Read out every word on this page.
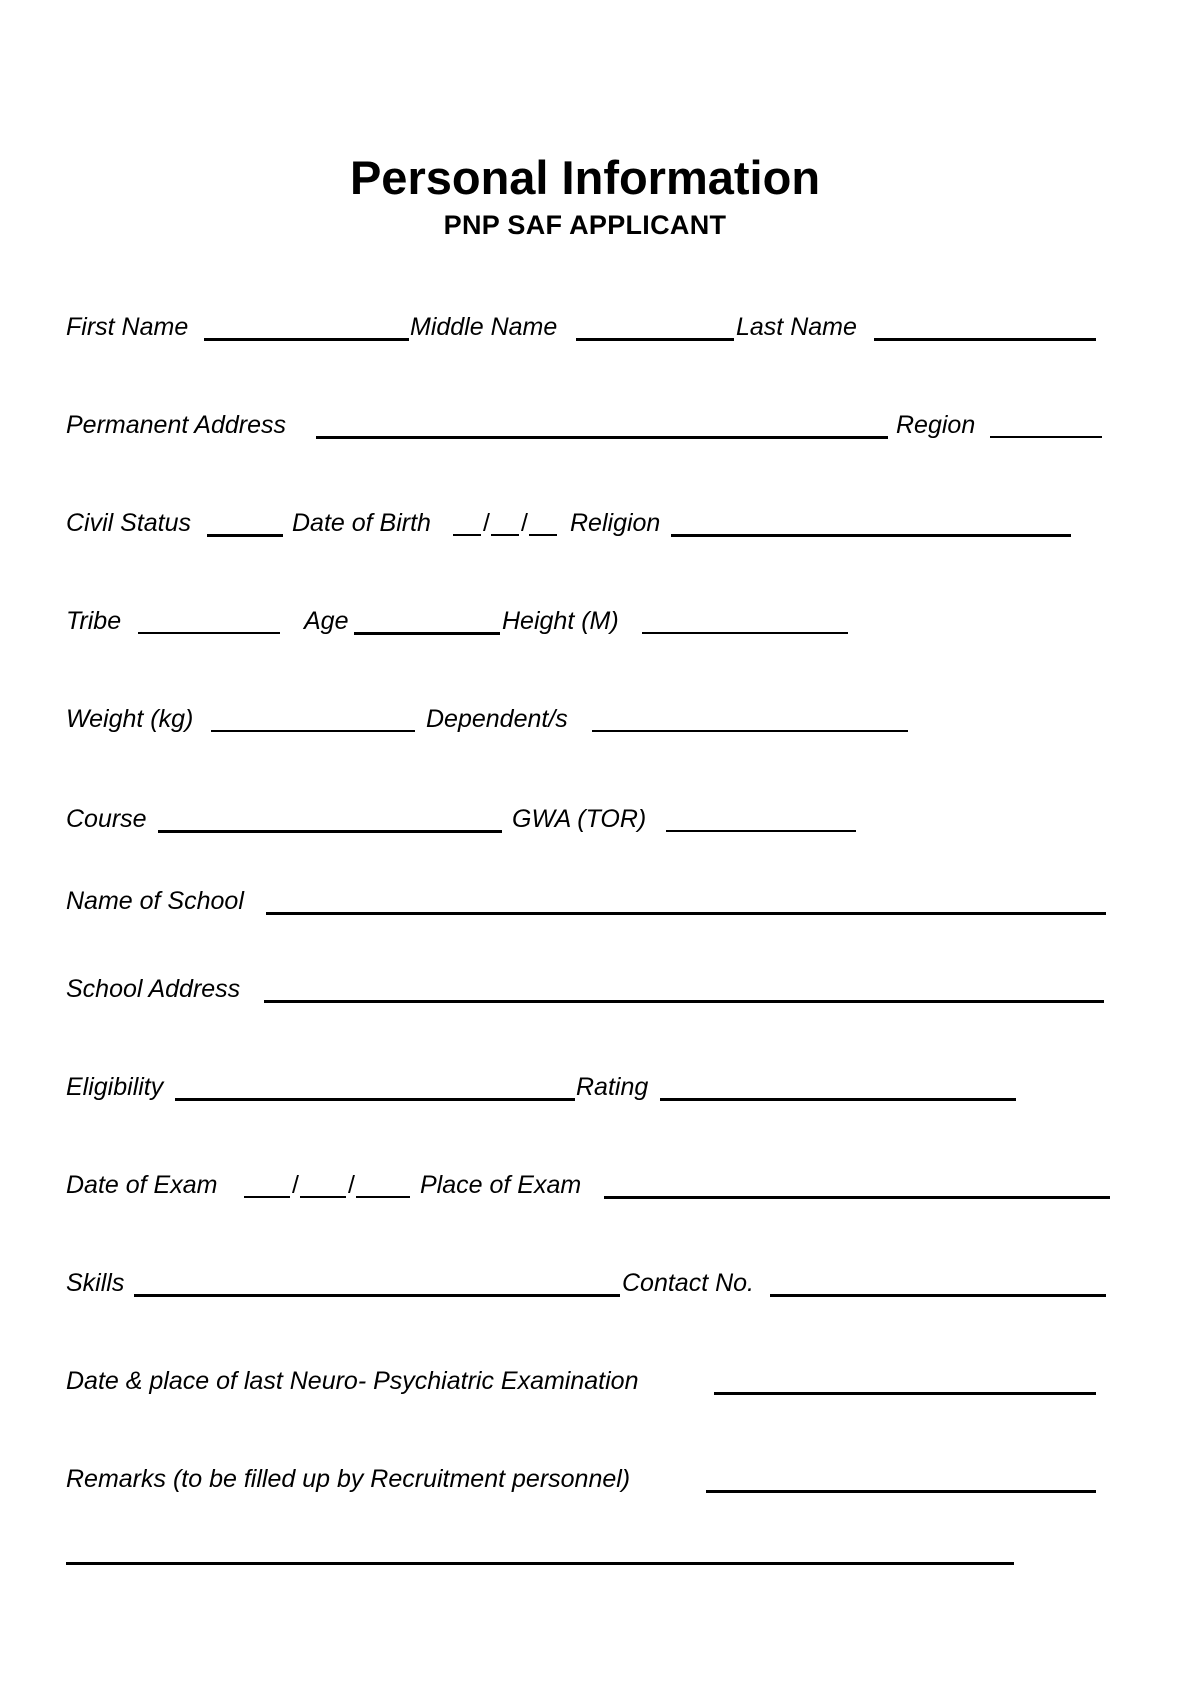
Personal Information
PNP SAF APPLICANT
First Name	Middle Name	Last Name
Permanent Address	Region
Civil Status	Date of Birth / / Religion
Tribe	Age	Height (M)
Weight (kg)	Dependent/s
Course	GWA (TOR)
Name of School
School Address
Eligibility	Rating
Date of Exam	/ /	Place of Exam
Skills	Contact No.
Date & place of last Neuro- Psychiatric Examination
Remarks (to be filled up by Recruitment personnel)
